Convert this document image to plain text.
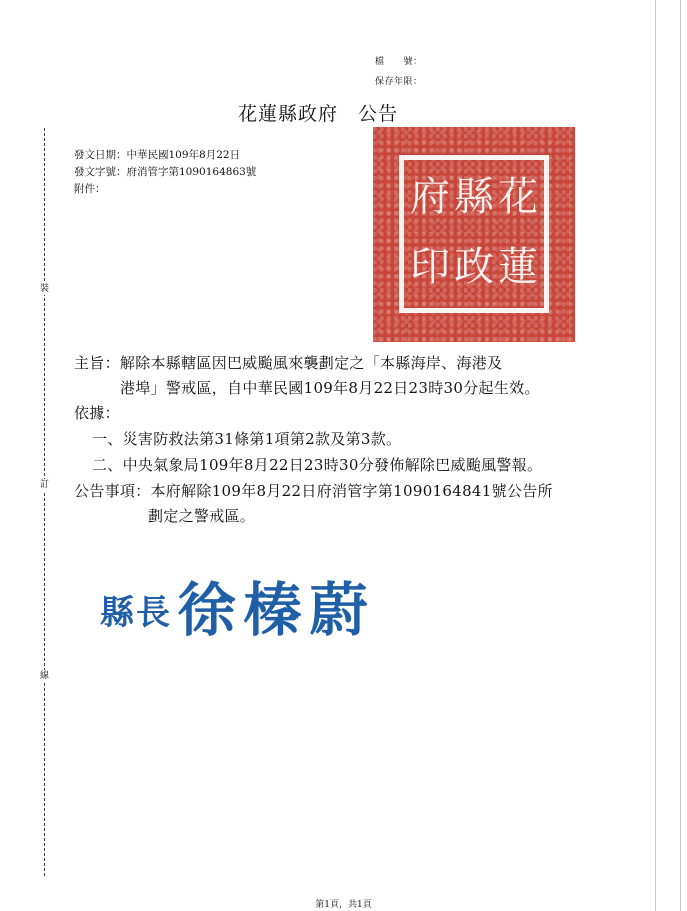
裝
訂
線
檔　　號：
保存年限：
花蓮縣政府　公告
發文日期：中華民國109年8月22日
發文字號：府消管字第1090164863號
附件：	花
蓮
縣
政
府
印
主旨：解除本縣轄區因巴威颱風來襲劃定之「本縣海岸、海港及
港埠」警戒區，自中華民國109年8月22日23時30分起生效。
依據：
一、災害防救法第31條第1項第2款及第3款。
二、中央氣象局109年8月22日23時30分發佈解除巴威颱風警報。
公告事項：本府解除109年8月22日府消管字第1090164841號公告所
劃定之警戒區。
縣長 徐榛蔚
第1頁，共1頁
